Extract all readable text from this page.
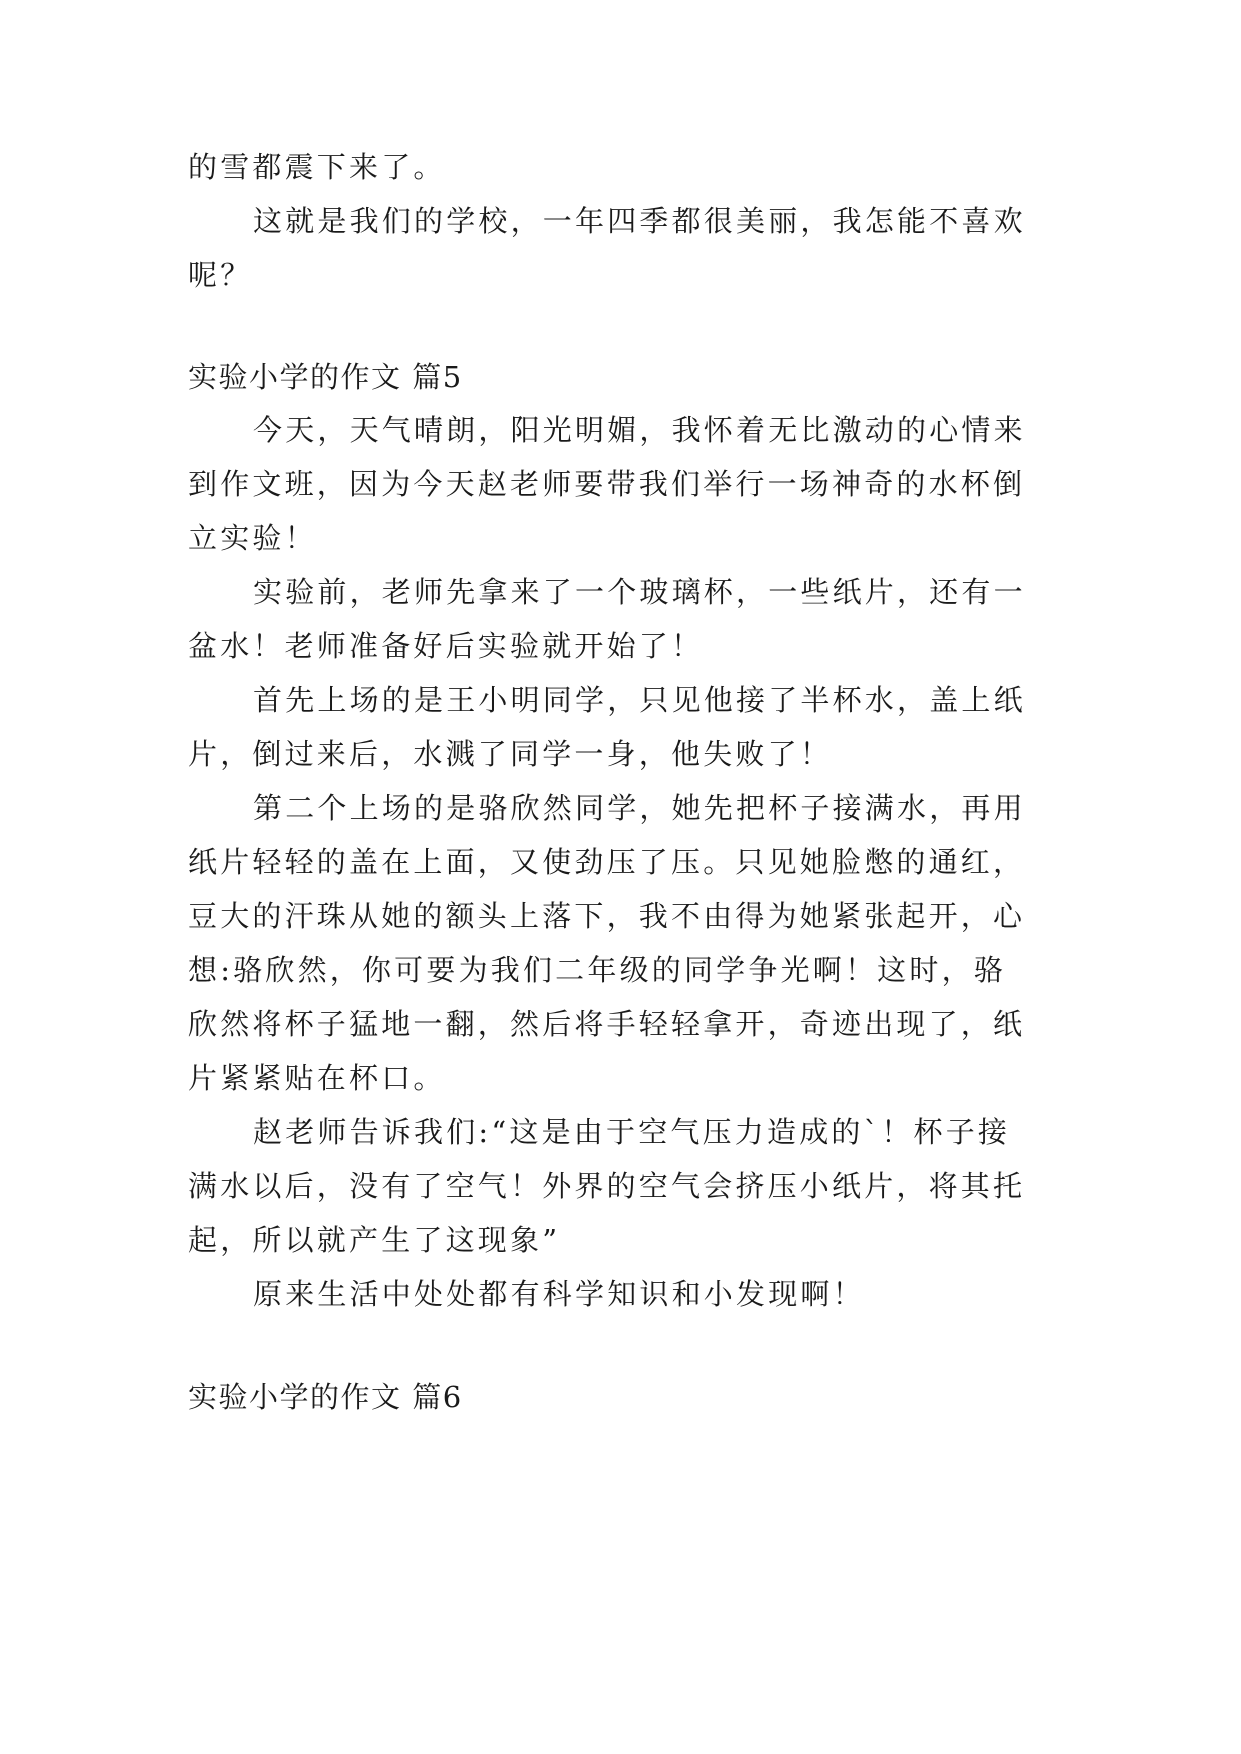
的雪都震下来了。
这就是我们的学校，一年四季都很美丽，我怎能不喜欢
呢？
实验小学的作文 篇5
今天，天气晴朗，阳光明媚，我怀着无比激动的心情来
到作文班，因为今天赵老师要带我们举行一场神奇的水杯倒
立实验！
实验前，老师先拿来了一个玻璃杯，一些纸片，还有一
盆水！老师准备好后实验就开始了！
首先上场的是王小明同学，只见他接了半杯水，盖上纸
片，倒过来后，水溅了同学一身，他失败了！
第二个上场的是骆欣然同学，她先把杯子接满水，再用
纸片轻轻的盖在上面，又使劲压了压。只见她脸憋的通红，
豆大的汗珠从她的额头上落下，我不由得为她紧张起开，心
想:骆欣然，你可要为我们二年级的同学争光啊！这时，骆
欣然将杯子猛地一翻，然后将手轻轻拿开，奇迹出现了，纸
片紧紧贴在杯口。
赵老师告诉我们:“这是由于空气压力造成的`！杯子接
满水以后，没有了空气！外界的空气会挤压小纸片，将其托
起，所以就产生了这现象”
原来生活中处处都有科学知识和小发现啊！
实验小学的作文 篇6
